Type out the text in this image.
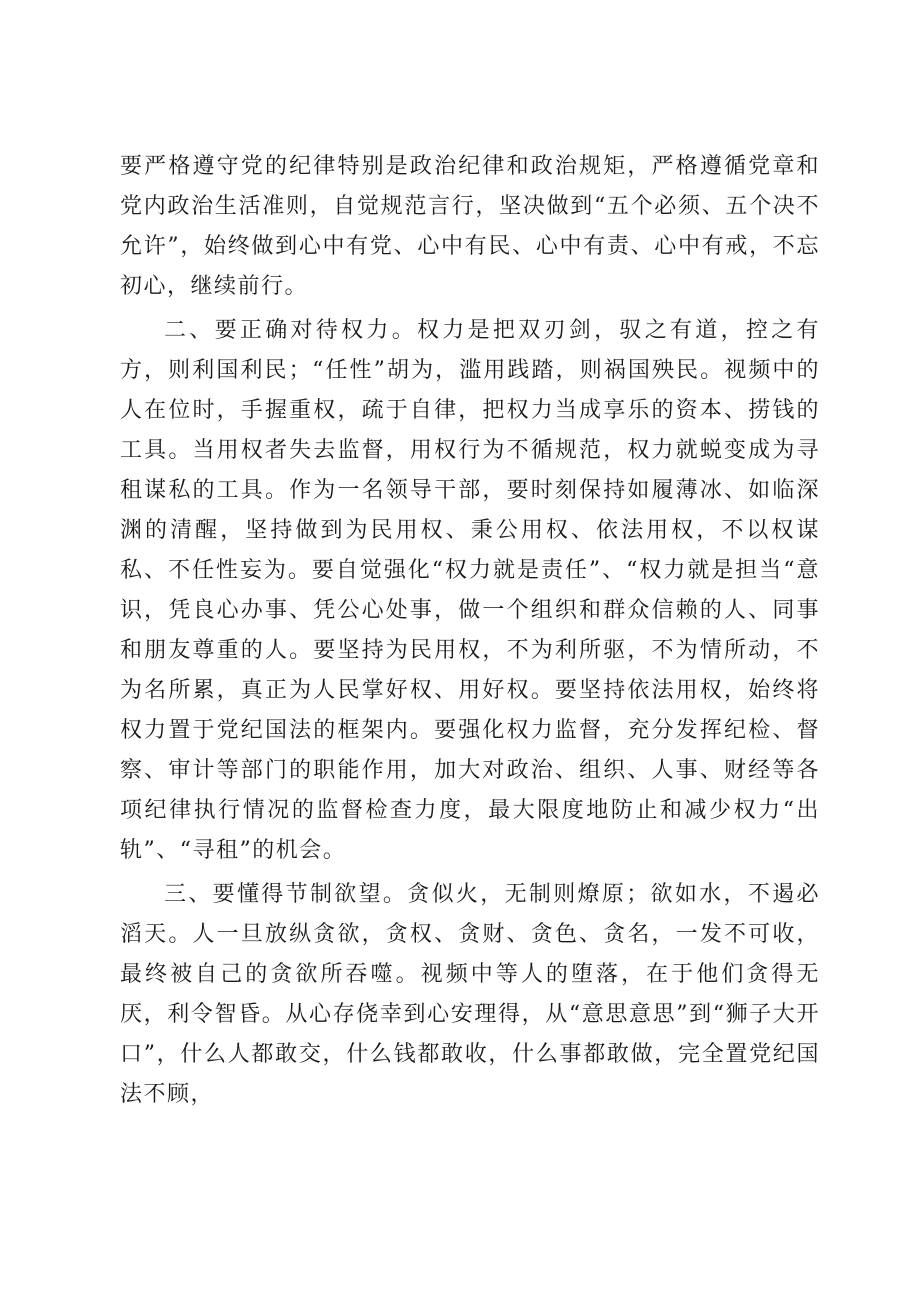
要严格遵守党的纪律特别是政治纪律和政治规矩，严格遵循党章和党内政治生活准则，自觉规范言行，坚决做到“五个必须、五个决不允许”，始终做到心中有党、心中有民、心中有责、心中有戒，不忘初心，继续前行。

二、要正确对待权力。权力是把双刃剑，驭之有道，控之有方，则利国利民；“任性”胡为，滥用践踏，则祸国殃民。视频中的人在位时，手握重权，疏于自律，把权力当成享乐的资本、捞钱的工具。当用权者失去监督，用权行为不循规范，权力就蜕变成为寻租谋私的工具。作为一名领导干部，要时刻保持如履薄冰、如临深渊的清醒，坚持做到为民用权、秉公用权、依法用权，不以权谋私、不任性妄为。要自觉强化“权力就是责任”、“权力就是担当“意识，凭良心办事、凭公心处事，做一个组织和群众信赖的人、同事和朋友尊重的人。要坚持为民用权，不为利所驱，不为情所动，不为名所累，真正为人民掌好权、用好权。要坚持依法用权，始终将权力置于党纪国法的框架内。要强化权力监督，充分发挥纪检、督察、审计等部门的职能作用，加大对政治、组织、人事、财经等各项纪律执行情况的监督检查力度，最大限度地防止和减少权力“出轨”、“寻租”的机会。

三、要懂得节制欲望。贪似火，无制则燎原；欲如水，不遏必滔天。人一旦放纵贪欲，贪权、贪财、贪色、贪名，一发不可收，最终被自己的贪欲所吞噬。视频中等人的堕落，在于他们贪得无厌，利令智昏。从心存侥幸到心安理得，从“意思意思”到“狮子大开口”，什么人都敢交，什么钱都敢收，什么事都敢做，完全置党纪国法不顾，
